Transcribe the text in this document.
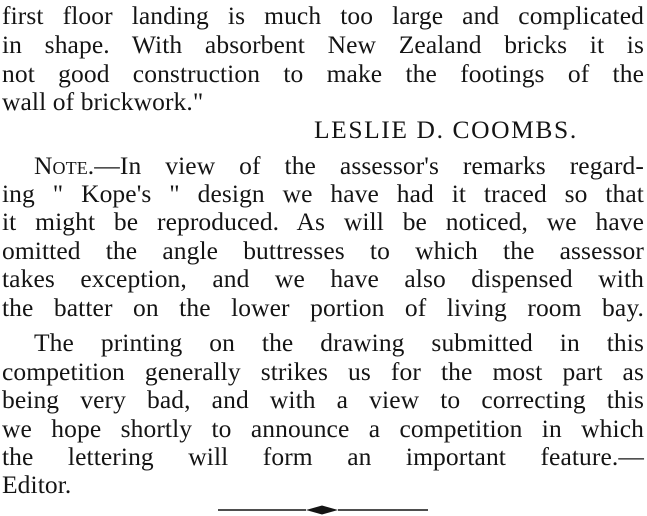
first floor landing is much too large and complicated
in shape. With absorbent New Zealand bricks it is
not good construction to make the footings of the
wall of brickwork."
LESLIE D. COOMBS.
Note.—In view of the assessor's remarks regard-
ing " Kope's " design we have had it traced so that
it might be reproduced. As will be noticed, we have
omitted the angle buttresses to which the assessor
takes exception, and we have also dispensed with
the batter on the lower portion of living room bay.
The printing on the drawing submitted in this
competition generally strikes us for the most part as
being very bad, and with a view to correcting this
we hope shortly to announce a competition in which
the lettering will form an important feature.—
Editor.
